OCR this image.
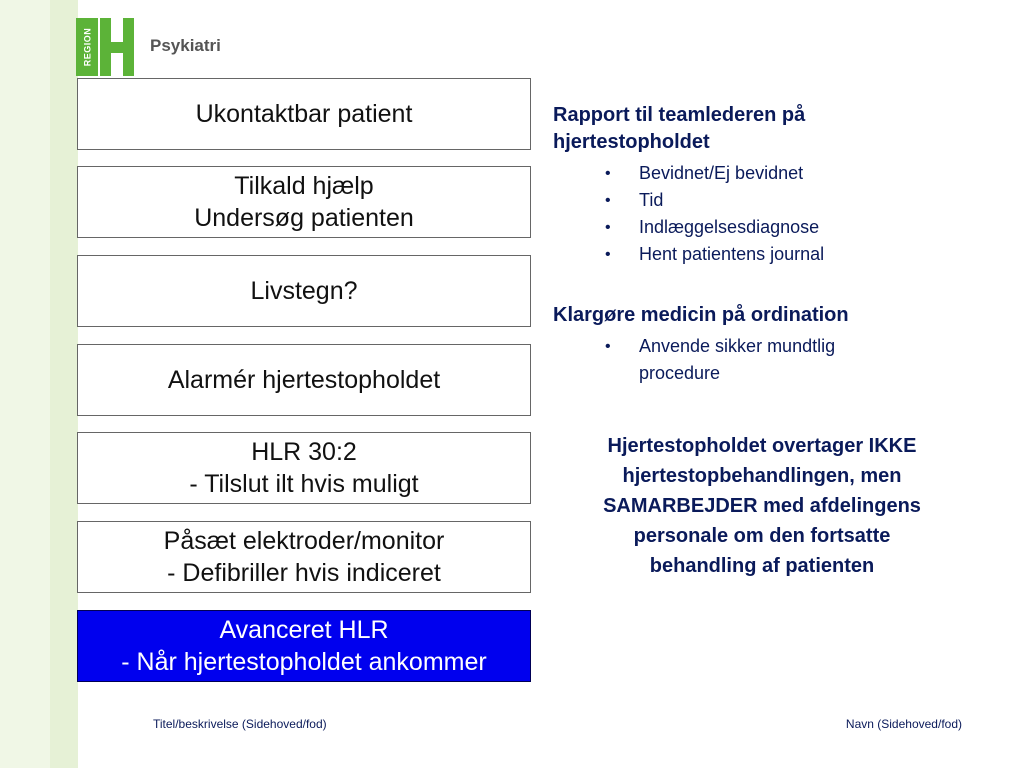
REGION	Psykiatri
Ukontaktbar patient
Tilkald hjælp
Undersøg patienten
Livstegn?
Alarmér hjertestopholdet
HLR 30:2
- Tilslut ilt hvis muligt
Påsæt elektroder/monitor
- Defibriller hvis indiceret
Avanceret HLR
- Når hjertestopholdet ankommer
Rapport til teamlederen på
hjertestopholdet
• Bevidnet/Ej bevidnet
• Tid
• Indlæggelsesdiagnose
• Hent patientens journal
Klargøre medicin på ordination
• Anvende sikker mundtlig
procedure
Hjertestopholdet overtager IKKE
hjertestopbehandlingen, men
SAMARBEJDER med afdelingens
personale om den fortsatte
behandling af patienten
Titel/beskrivelse (Sidehoved/fod)	Navn (Sidehoved/fod)
